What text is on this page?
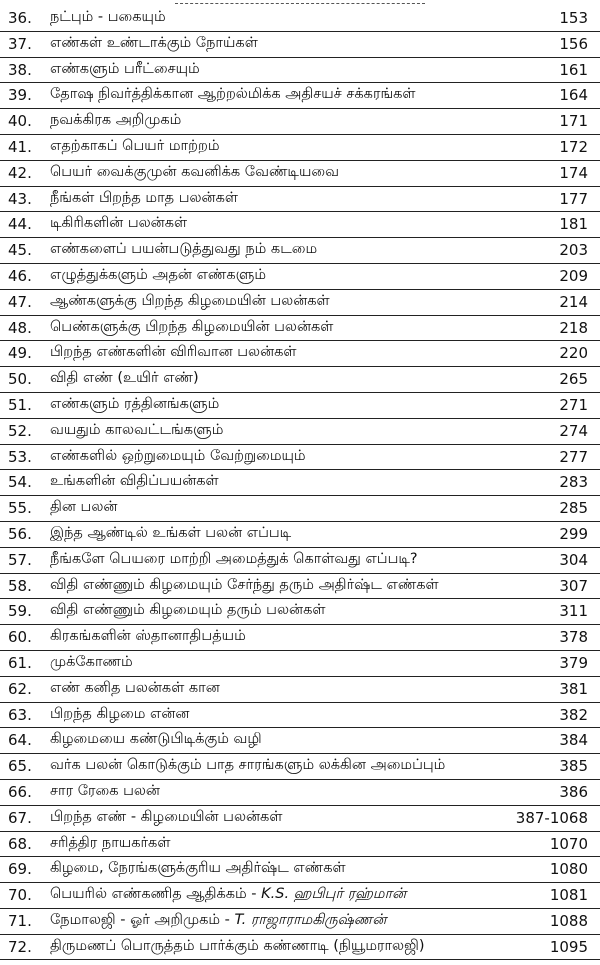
36.	நட்பும் - பகையும்	153
37.	எண்கள் உண்டாக்கும் நோய்கள்	156
38.	எண்களும் பரீட்சையும்	161
39.	தோஷ நிவர்த்திக்கான ஆற்றல்மிக்க அதிசயச் சக்கரங்கள்	164
40.	நவக்கிரக அறிமுகம்	171
41.	எதற்காகப் பெயர் மாற்றம்	172
42.	பெயர் வைக்குமுன் கவனிக்க வேண்டியவை	174
43.	நீங்கள் பிறந்த மாத பலன்கள்	177
44.	டிகிரிகளின் பலன்கள்	181
45.	எண்களைப் பயன்படுத்துவது நம் கடமை	203
46.	எழுத்துக்களும் அதன் எண்களும்	209
47.	ஆண்களுக்கு பிறந்த கிழமையின் பலன்கள்	214
48.	பெண்களுக்கு பிறந்த கிழமையின் பலன்கள்	218
49.	பிறந்த எண்களின் விரிவான பலன்கள்	220
50.	விதி எண் (உயிர் எண்)	265
51.	எண்களும் ரத்தினங்களும்	271
52.	வயதும் காலவட்டங்களும்	274
53.	எண்களில் ஒற்றுமையும் வேற்றுமையும்	277
54.	உங்களின் விதிப்பயன்கள்	283
55.	தின பலன்	285
56.	இந்த ஆண்டில் உங்கள் பலன் எப்படி	299
57.	நீங்களே பெயரை மாற்றி அமைத்துக் கொள்வது எப்படி?	304
58.	விதி எண்ணும் கிழமையும் சேர்ந்து தரும் அதிர்ஷ்ட எண்கள்	307
59.	விதி எண்ணும் கிழமையும் தரும் பலன்கள்	311
60.	கிரகங்களின் ஸ்தானாதிபத்யம்	378
61.	முக்கோணம்	379
62.	எண் கனித பலன்கள் கான	381
63.	பிறந்த கிழமை என்ன	382
64.	கிழமையை கண்டுபிடிக்கும் வழி	384
65.	வர்க பலன் கொடுக்கும் பாத சாரங்களும் லக்கின அமைப்பும்	385
66.	சார ரேகை பலன்	386
67.	பிறந்த எண் - கிழமையின் பலன்கள்	387-1068
68.	சரித்திர நாயகர்கள்	1070
69.	கிழமை, நேரங்களுக்குரிய அதிர்ஷ்ட எண்கள்	1080
70.	பெயரில் எண்கணித ஆதிக்கம் - K.S. ஹபிபுர் ரஹ்மான்	1081
71.	நேமாலஜி - ஓர் அறிமுகம் - T. ராஜாராமகிருஷ்ணன்	1088
72.	திருமணப் பொருத்தம் பார்க்கும் கண்ணாடி (நியூமராலஜி)	1095
